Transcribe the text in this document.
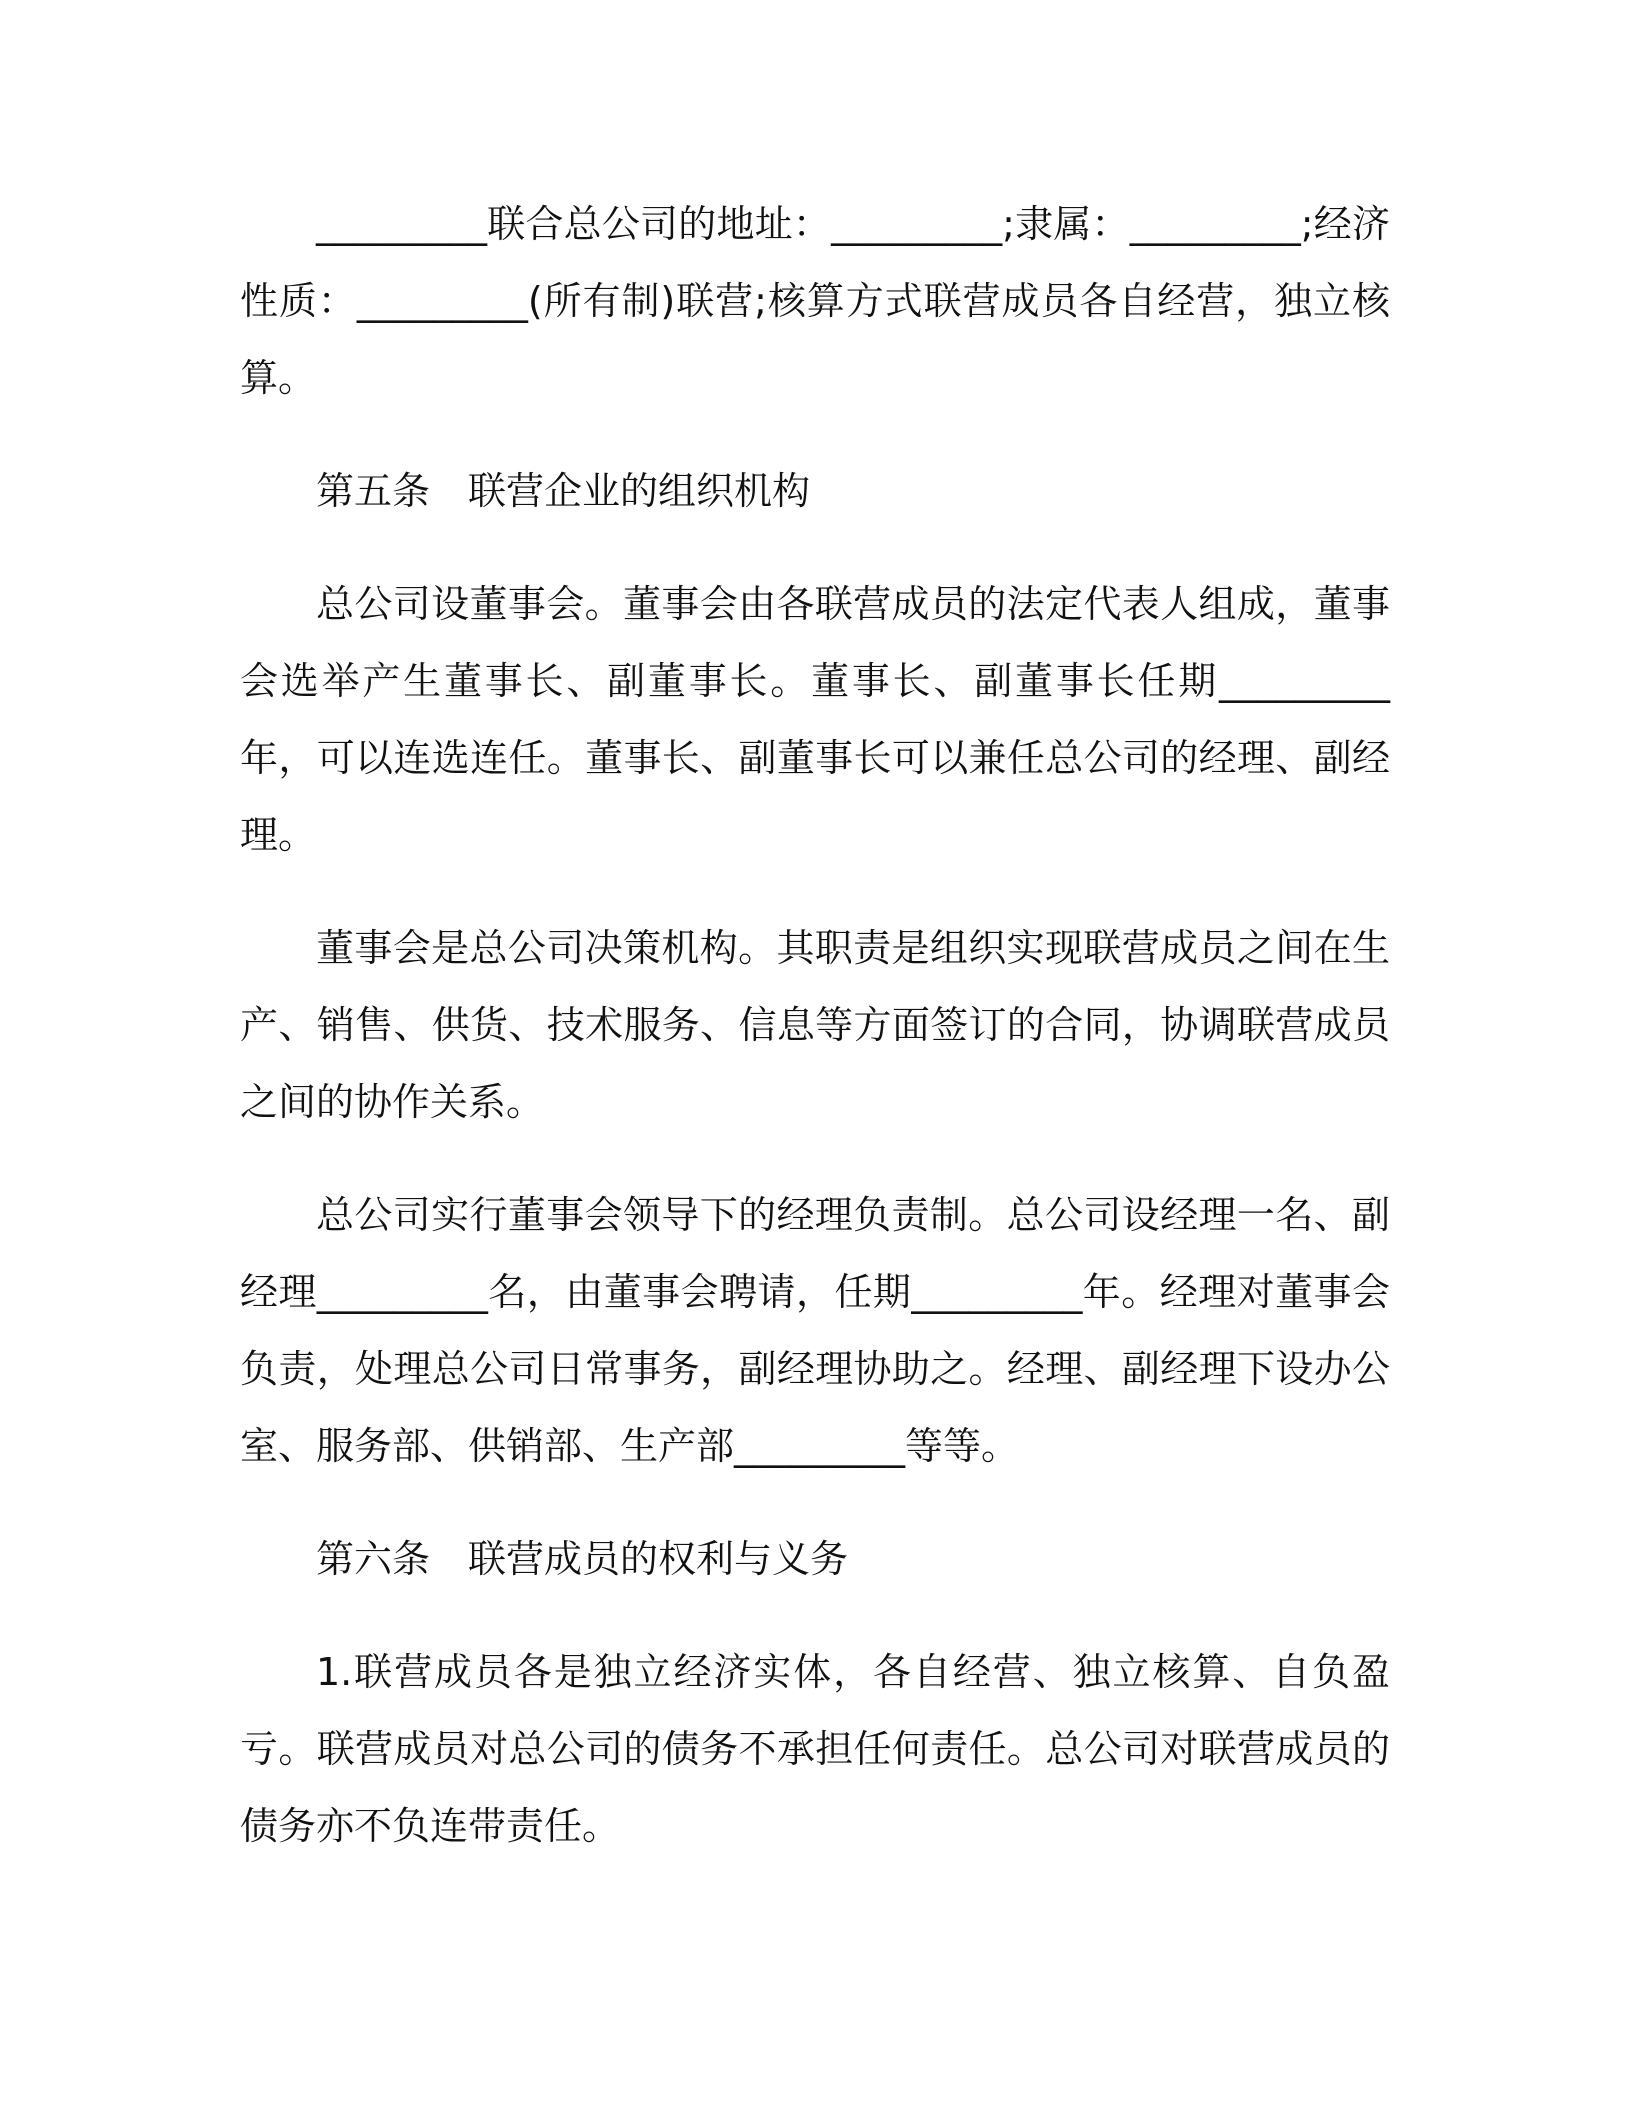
_________联合总公司的地址：_________;隶属：_________;经济性质：_________(所有制)联营;核算方式联营成员各自经营，独立核算。

第五条　联营企业的组织机构

总公司设董事会。董事会由各联营成员的法定代表人组成，董事会选举产生董事长、副董事长。董事长、副董事长任期_________年，可以连选连任。董事长、副董事长可以兼任总公司的经理、副经理。

董事会是总公司决策机构。其职责是组织实现联营成员之间在生产、销售、供货、技术服务、信息等方面签订的合同，协调联营成员之间的协作关系。

总公司实行董事会领导下的经理负责制。总公司设经理一名、副经理_________名，由董事会聘请，任期_________年。经理对董事会负责，处理总公司日常事务，副经理协助之。经理、副经理下设办公室、服务部、供销部、生产部_________等等。

第六条　联营成员的权利与义务

1.联营成员各是独立经济实体，各自经营、独立核算、自负盈亏。联营成员对总公司的债务不承担任何责任。总公司对联营成员的债务亦不负连带责任。
